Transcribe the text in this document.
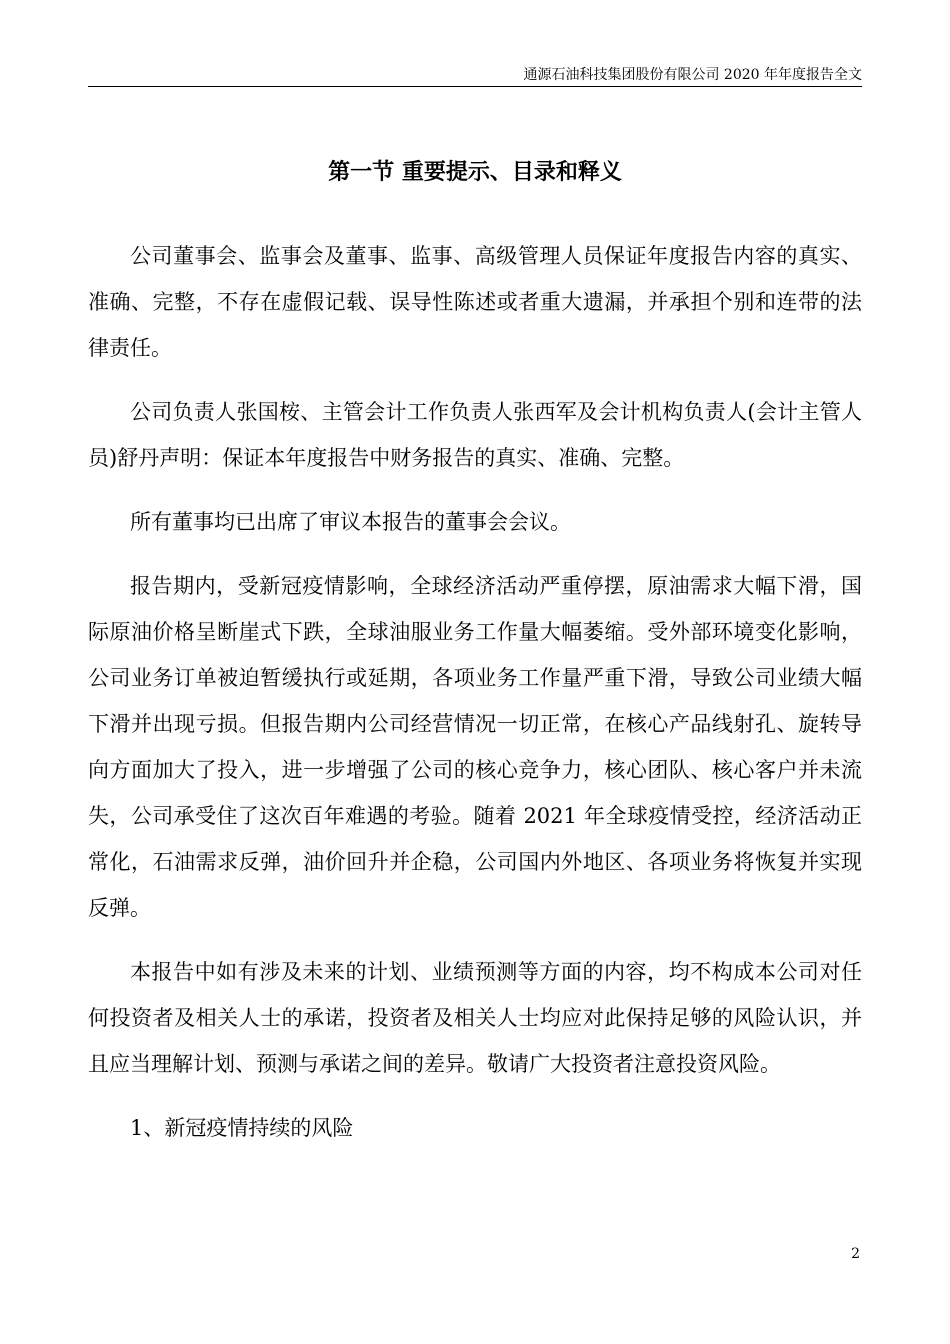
通源石油科技集团股份有限公司 2020 年年度报告全文
第一节 重要提示、目录和释义

公司董事会、监事会及董事、监事、高级管理人员保证年度报告内容的真实、准确、完整，不存在虚假记载、误导性陈述或者重大遗漏，并承担个别和连带的法律责任。

公司负责人张国桉、主管会计工作负责人张西军及会计机构负责人(会计主管人员)舒丹声明：保证本年度报告中财务报告的真实、准确、完整。

所有董事均已出席了审议本报告的董事会会议。

报告期内，受新冠疫情影响，全球经济活动严重停摆，原油需求大幅下滑，国际原油价格呈断崖式下跌，全球油服业务工作量大幅萎缩。受外部环境变化影响，公司业务订单被迫暂缓执行或延期，各项业务工作量严重下滑，导致公司业绩大幅下滑并出现亏损。但报告期内公司经营情况一切正常，在核心产品线射孔、旋转导向方面加大了投入，进一步增强了公司的核心竞争力，核心团队、核心客户并未流失，公司承受住了这次百年难遇的考验。随着 2021 年全球疫情受控，经济活动正常化，石油需求反弹，油价回升并企稳，公司国内外地区、各项业务将恢复并实现反弹。

本报告中如有涉及未来的计划、业绩预测等方面的内容，均不构成本公司对任何投资者及相关人士的承诺，投资者及相关人士均应对此保持足够的风险认识，并且应当理解计划、预测与承诺之间的差异。敬请广大投资者注意投资风险。

1、新冠疫情持续的风险

2
